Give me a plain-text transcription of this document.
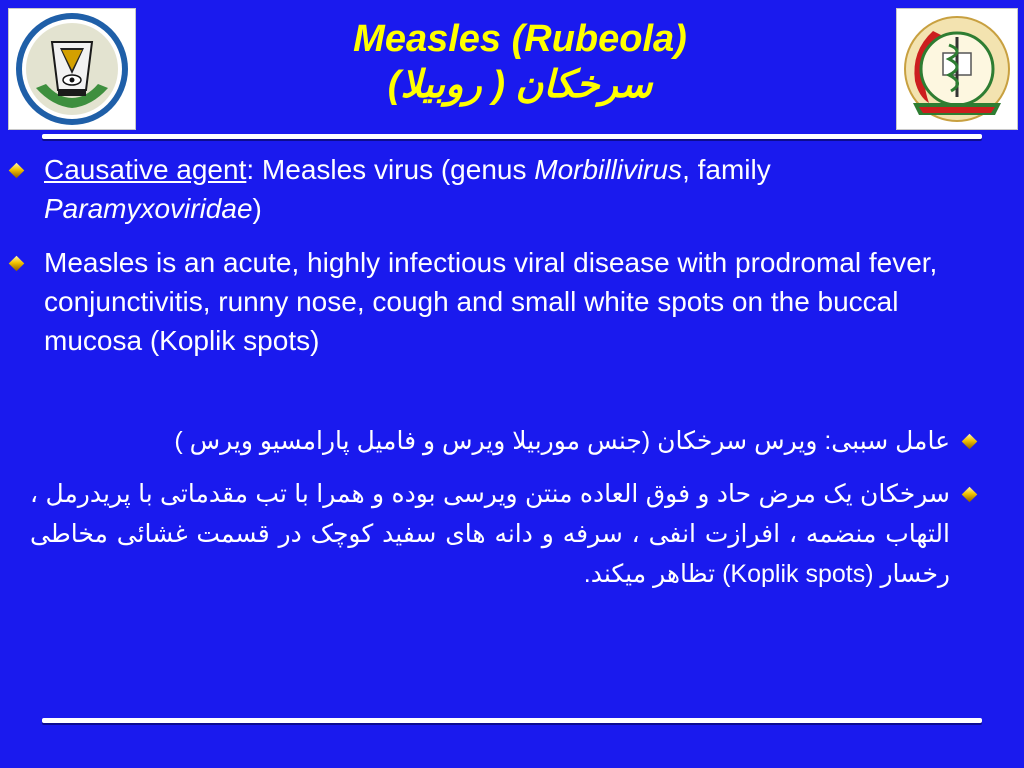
Measles (Rubeola)
سرخکان ( روبیلا)
Causative agent: Measles virus (genus Morbillivirus, family Paramyxoviridae)
Measles is an acute, highly infectious viral disease with prodromal fever, conjunctivitis, runny nose, cough and small white spots on the buccal mucosa (Koplik spots)
عامل سببی: ویرس سرخکان (جنس موربیلا ویرس و فامیل پارامسیو ویرس )
سرخکان یک مرض حاد و فوق العاده منتن ویرسی بوده و همرا با تب مقدماتی با پریدرمل ، التهاب منضمه ، افرازت انفی ، سرفه و دانه های سفید کوچک در قسمت غشائی مخاطی رخسار (Koplik spots) تظاهر میکند.
